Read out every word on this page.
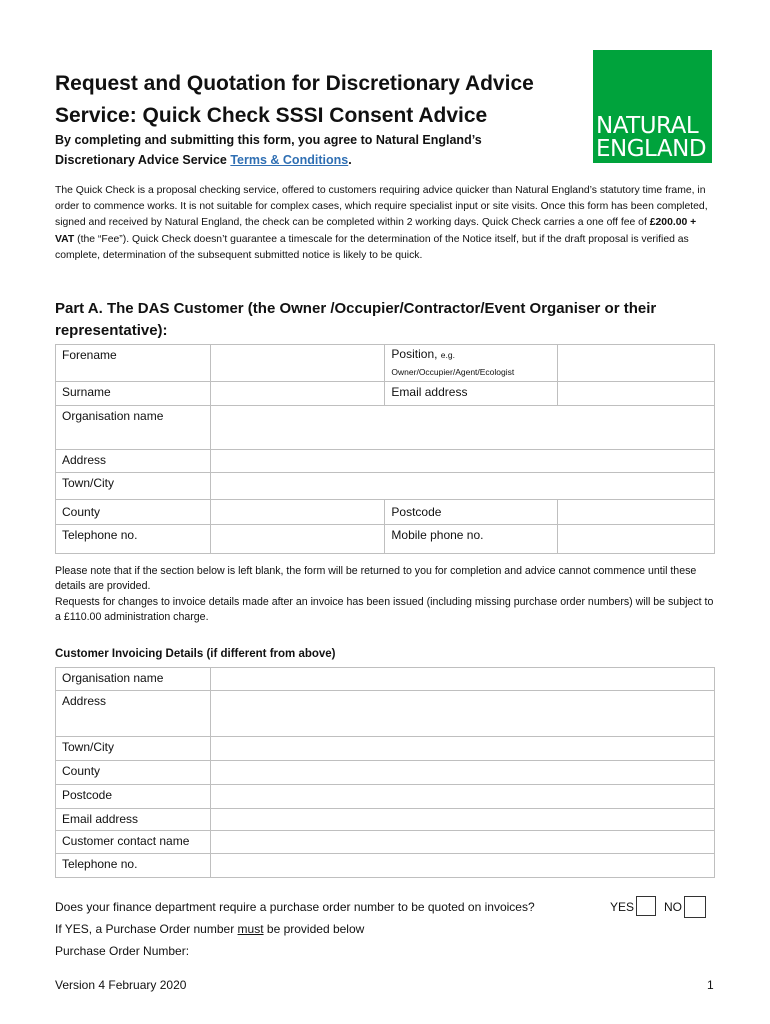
Request and Quotation for Discretionary Advice Service: Quick Check SSSI Consent Advice	NATURAL
ENGLAND
By completing and submitting this form, you agree to Natural England’s Discretionary Advice Service Terms & Conditions.
The Quick Check is a proposal checking service, offered to customers requiring advice quicker than Natural England’s statutory time frame, in order to commence works. It is not suitable for complex cases, which require specialist input or site visits. Once this form has been completed, signed and received by Natural England, the check can be completed within 2 working days. Quick Check carries a one off fee of £200.00 + VAT (the “Fee”). Quick Check doesn’t guarantee a timescale for the determination of the Notice itself, but if the draft proposal is verified as complete, determination of the subsequent submitted notice is likely to be quick.
Part A. The DAS Customer (the Owner /Occupier/Contractor/Event Organiser or their representative):
Forename		Position, e.g.
Owner/Occupier/Agent/Ecologist	
Surname		Email address	
Organisation name			
Address			
Town/City			
County		Postcode	
Telephone no.		Mobile phone no.	
Please note that if the section below is left blank, the form will be returned to you for completion and advice cannot commence until these details are provided.
Requests for changes to invoice details made after an invoice has been issued (including missing purchase order numbers) will be subject to a £110.00 administration charge.
Customer Invoicing Details (if different from above)
Organisation name	
Address	
Town/City	
County	
Postcode	
Email address	
Customer contact name	
Telephone no.	
Does your finance department require a purchase order number to be quoted on invoices?	YES NO
If YES, a Purchase Order number must be provided below
Purchase Order Number:
Version 4 February 2020	1
